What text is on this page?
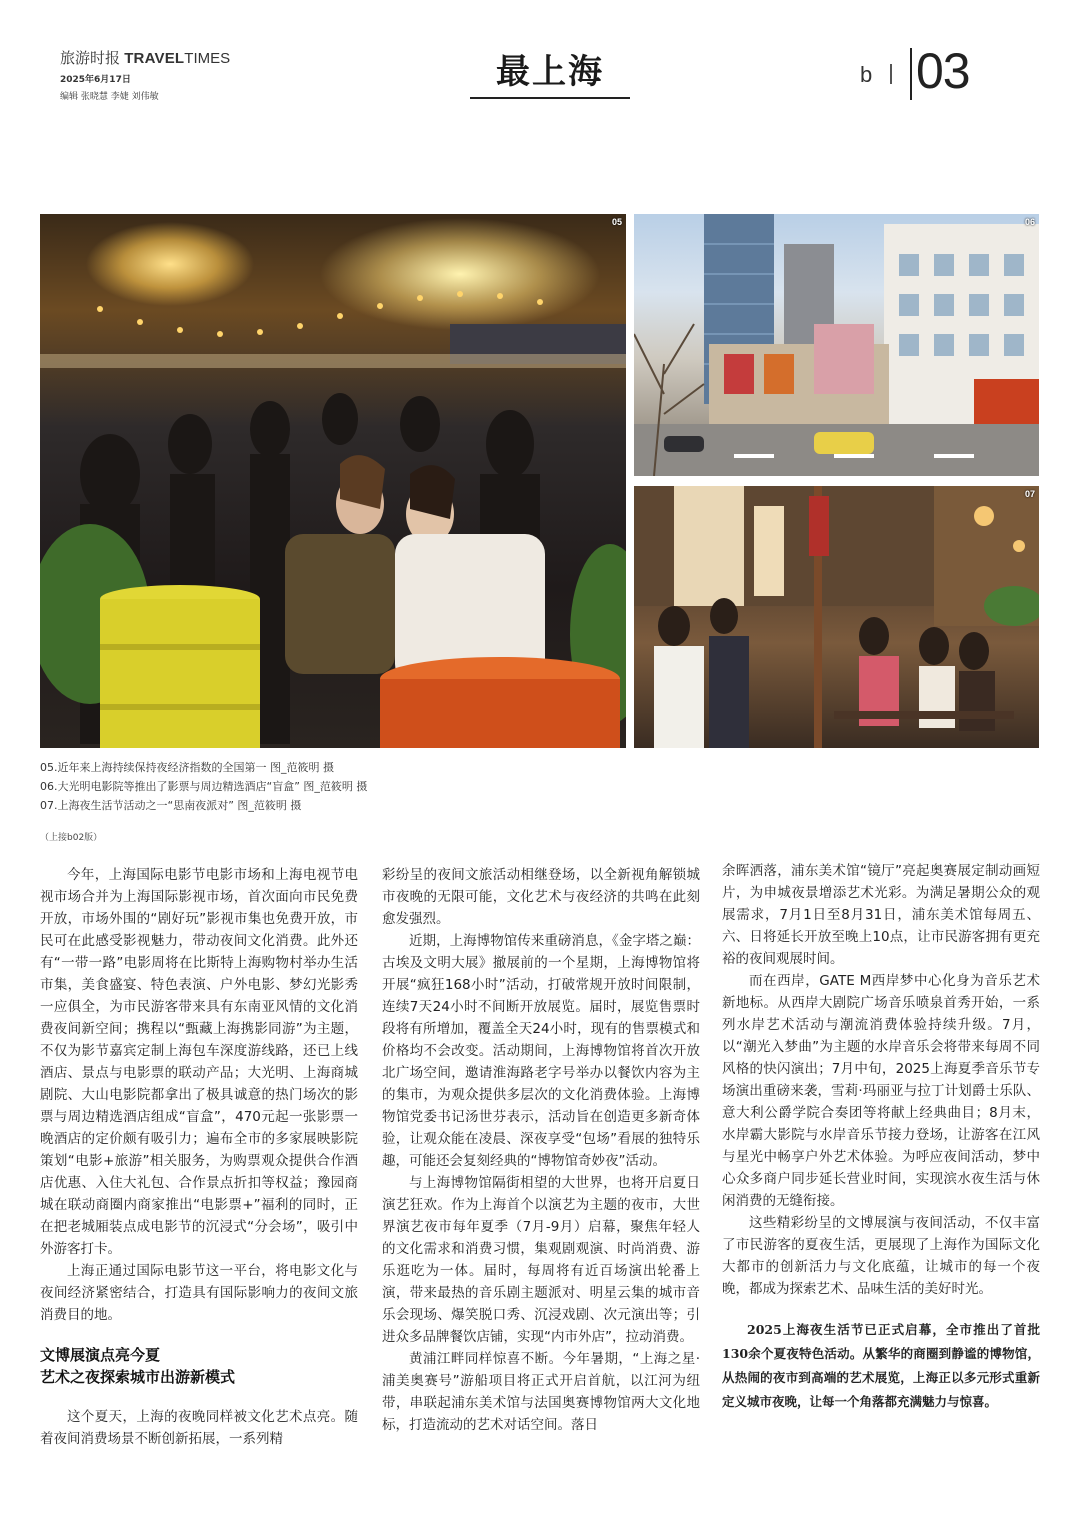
旅游时报 TRAVELTIMES
2025年6月17日
编辑 张晓慧 李婕 刘伟敏
最上海	b 03
05	06
07
05.近年来上海持续保持夜经济指数的全国第一 图_范筱明 摄
06.大光明电影院等推出了影票与周边精选酒店“盲盒” 图_范筱明 摄
07.上海夜生活节活动之一“思南夜派对” 图_范筱明 摄
（上接b02版）

今年，上海国际电影节电影市场和上海电视节电视市场合并为上海国际影视市场，首次面向市民免费开放，市场外围的“剧好玩”影视市集也免费开放，市民可在此感受影视魅力，带动夜间文化消费。此外还有“一带一路”电影周将在比斯特上海购物村举办生活市集，美食盛宴、特色表演、户外电影、梦幻光影秀一应俱全，为市民游客带来具有东南亚风情的文化消费夜间新空间；携程以“甄藏上海携影同游”为主题，不仅为影节嘉宾定制上海包车深度游线路，还已上线酒店、景点与电影票的联动产品；大光明、上海商城剧院、大山电影院都拿出了极具诚意的热门场次的影票与周边精选酒店组成“盲盒”，470元起一张影票一晚酒店的定价颇有吸引力；遍布全市的多家展映影院策划“电影+旅游”相关服务，为购票观众提供合作酒店优惠、入住大礼包、合作景点折扣等权益；豫园商城在联动商圈内商家推出“电影票+”福利的同时，正在把老城厢装点成电影节的沉浸式“分会场”，吸引中外游客打卡。

上海正通过国际电影节这一平台，将电影文化与夜间经济紧密结合，打造具有国际影响力的夜间文旅消费目的地。

文博展演点亮今夏
艺术之夜探索城市出游新模式

这个夏天，上海的夜晚同样被文化艺术点亮。随着夜间消费场景不断创新拓展，一系列精

彩纷呈的夜间文旅活动相继登场，以全新视角解锁城市夜晚的无限可能，文化艺术与夜经济的共鸣在此刻愈发强烈。

近期，上海博物馆传来重磅消息，《金字塔之巅：古埃及文明大展》撤展前的一个星期，上海博物馆将开展“疯狂168小时”活动，打破常规开放时间限制，连续7天24小时不间断开放展览。届时，展览售票时段将有所增加，覆盖全天24小时，现有的售票模式和价格均不会改变。活动期间，上海博物馆将首次开放北广场空间，邀请淮海路老字号举办以餐饮内容为主的集市，为观众提供多层次的文化消费体验。上海博物馆党委书记汤世芬表示，活动旨在创造更多新奇体验，让观众能在凌晨、深夜享受“包场”看展的独特乐趣，可能还会复刻经典的“博物馆奇妙夜”活动。

与上海博物馆隔街相望的大世界，也将开启夏日演艺狂欢。作为上海首个以演艺为主题的夜市，大世界演艺夜市每年夏季（7月-9月）启幕，聚焦年轻人的文化需求和消费习惯，集观剧观演、时尚消费、游乐逛吃为一体。届时，每周将有近百场演出轮番上演，带来最热的音乐剧主题派对、明星云集的城市音乐会现场、爆笑脱口秀、沉浸戏剧、次元演出等；引进众多品牌餐饮店铺，实现“内市外店”，拉动消费。

黄浦江畔同样惊喜不断。今年暑期，“上海之星·浦美奥赛号”游船项目将正式开启首航，以江河为纽带，串联起浦东美术馆与法国奥赛博物馆两大文化地标，打造流动的艺术对话空间。落日

余晖洒落，浦东美术馆“镜厅”亮起奥赛展定制动画短片，为申城夜景增添艺术光彩。为满足暑期公众的观展需求，7月1日至8月31日，浦东美术馆每周五、六、日将延长开放至晚上10点，让市民游客拥有更充裕的夜间观展时间。

而在西岸，GATE M西岸梦中心化身为音乐艺术新地标。从西岸大剧院广场音乐喷泉首秀开始，一系列水岸艺术活动与潮流消费体验持续升级。7月，以“潮光入梦曲”为主题的水岸音乐会将带来每周不同风格的快闪演出；7月中旬，2025上海夏季音乐节专场演出重磅来袭，雪莉·玛丽亚与拉丁计划爵士乐队、意大利公爵学院合奏团等将献上经典曲目；8月末，水岸霸大影院与水岸音乐节接力登场，让游客在江风与星光中畅享户外艺术体验。为呼应夜间活动，梦中心众多商户同步延长营业时间，实现滨水夜生活与休闲消费的无缝衔接。

这些精彩纷呈的文博展演与夜间活动，不仅丰富了市民游客的夏夜生活，更展现了上海作为国际文化大都市的创新活力与文化底蕴，让城市的每一个夜晚，都成为探索艺术、品味生活的美好时光。

2025上海夜生活节已正式启幕，全市推出了首批130余个夏夜特色活动。从繁华的商圈到静谧的博物馆，从热闹的夜市到高端的艺术展览，上海正以多元形式重新定义城市夜晚，让每一个角落都充满魅力与惊喜。
